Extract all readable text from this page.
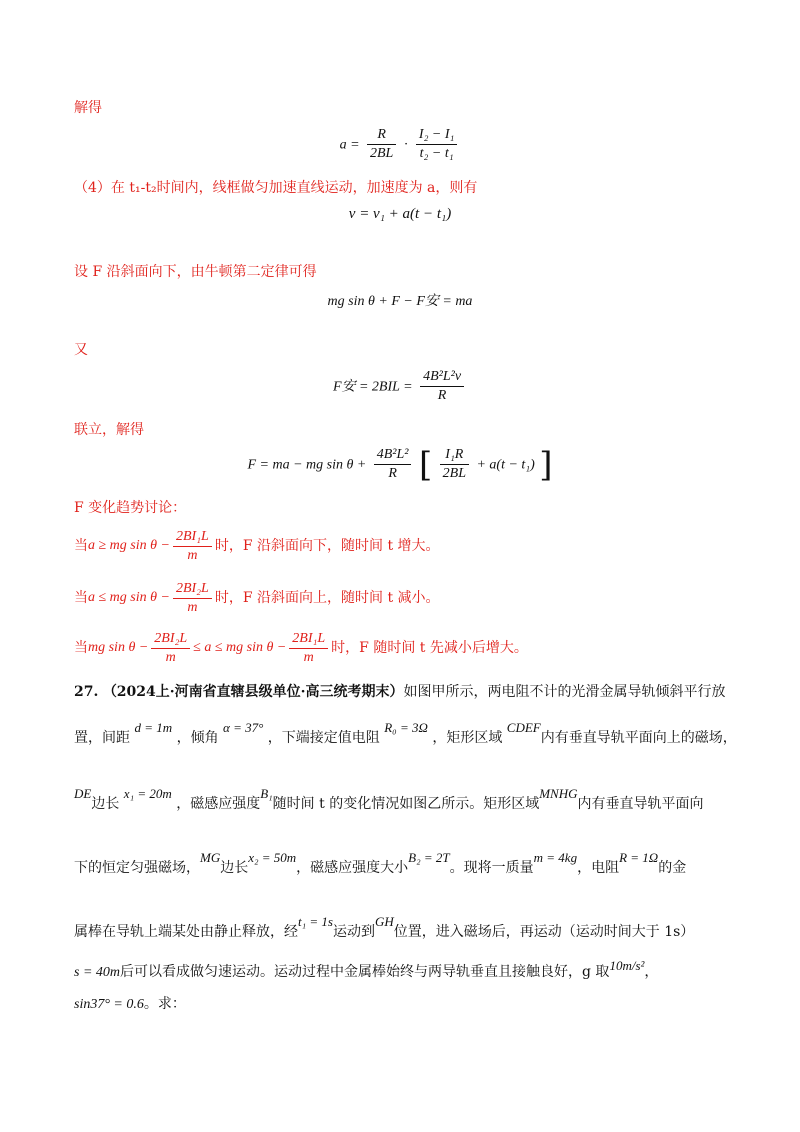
解得
$a = \frac{R}{2BL} \cdot \frac{\text{I₂ − I₁}}{\text{t₂ − t₁}}$
（4）在 t₁-t₂时间内，线框做匀加速直线运动，加速度为 a，则有
v = v₁ + a(t − t₁)
设 F 沿斜面向下，由牛顿第二定律可得
mg sin θ + F − F安 = ma
又
F安 = $2BIL = \frac{\text{4B²L²v}}{R}$
联立，解得
F = ma − mg $\sin \theta + \frac{\text{4B²L²}}{R}$ [ $\frac{\text{I₁R}}{2BL} + a(t - t_1)$ ]
F 变化趋势讨论：
当 a ≥ mg $\sin \theta - \frac{\text{2BI₁L}}{m}$ 时，F 沿斜面向下，随时间 t 增大。
当 a ≤ mg $\sin \theta - \frac{\text{2BI₂L}}{m}$ 时，F 沿斜面向上，随时间 t 减小。
当 mg $\sin \theta - \frac{\text{2BI₂L}}{m} \le a$ ≤ mg $\sin \theta - \frac{\text{2BI₁L}}{m}$ 时，F 随时间 t 先减小后增大。
27. （2024上·河南省直辖县级单位·高三统考期末）如图甲所示，两电阻不计的光滑金属导轨倾斜平行放
置，间距 d = 1m ，倾角 α = 37° ，下端接定值电阻 R₀ = 3Ω ，矩形区域 CDEF内有垂直导轨平面向上的磁场，
DE边长 x₁ = 20m ，磁感应强度B₁随时间 t 的变化情况如图乙所示。矩形区域MNHG内有垂直导轨平面向
下的恒定匀强磁场，MG边长x₂ = 50m，磁感应强度大小B₂ = 2T。现将一质量m = 4kg，电阻R = 1Ω的金
属棒在导轨上端某处由静止释放，经t₁ = 1s运动到GH位置，进入磁场后，再运动（运动时间大于 1s）
s = 40m后可以看成做匀速运动。运动过程中金属棒始终与两导轨垂直且接触良好，g 取10m/s²，
sin37° = 0.6。求：
